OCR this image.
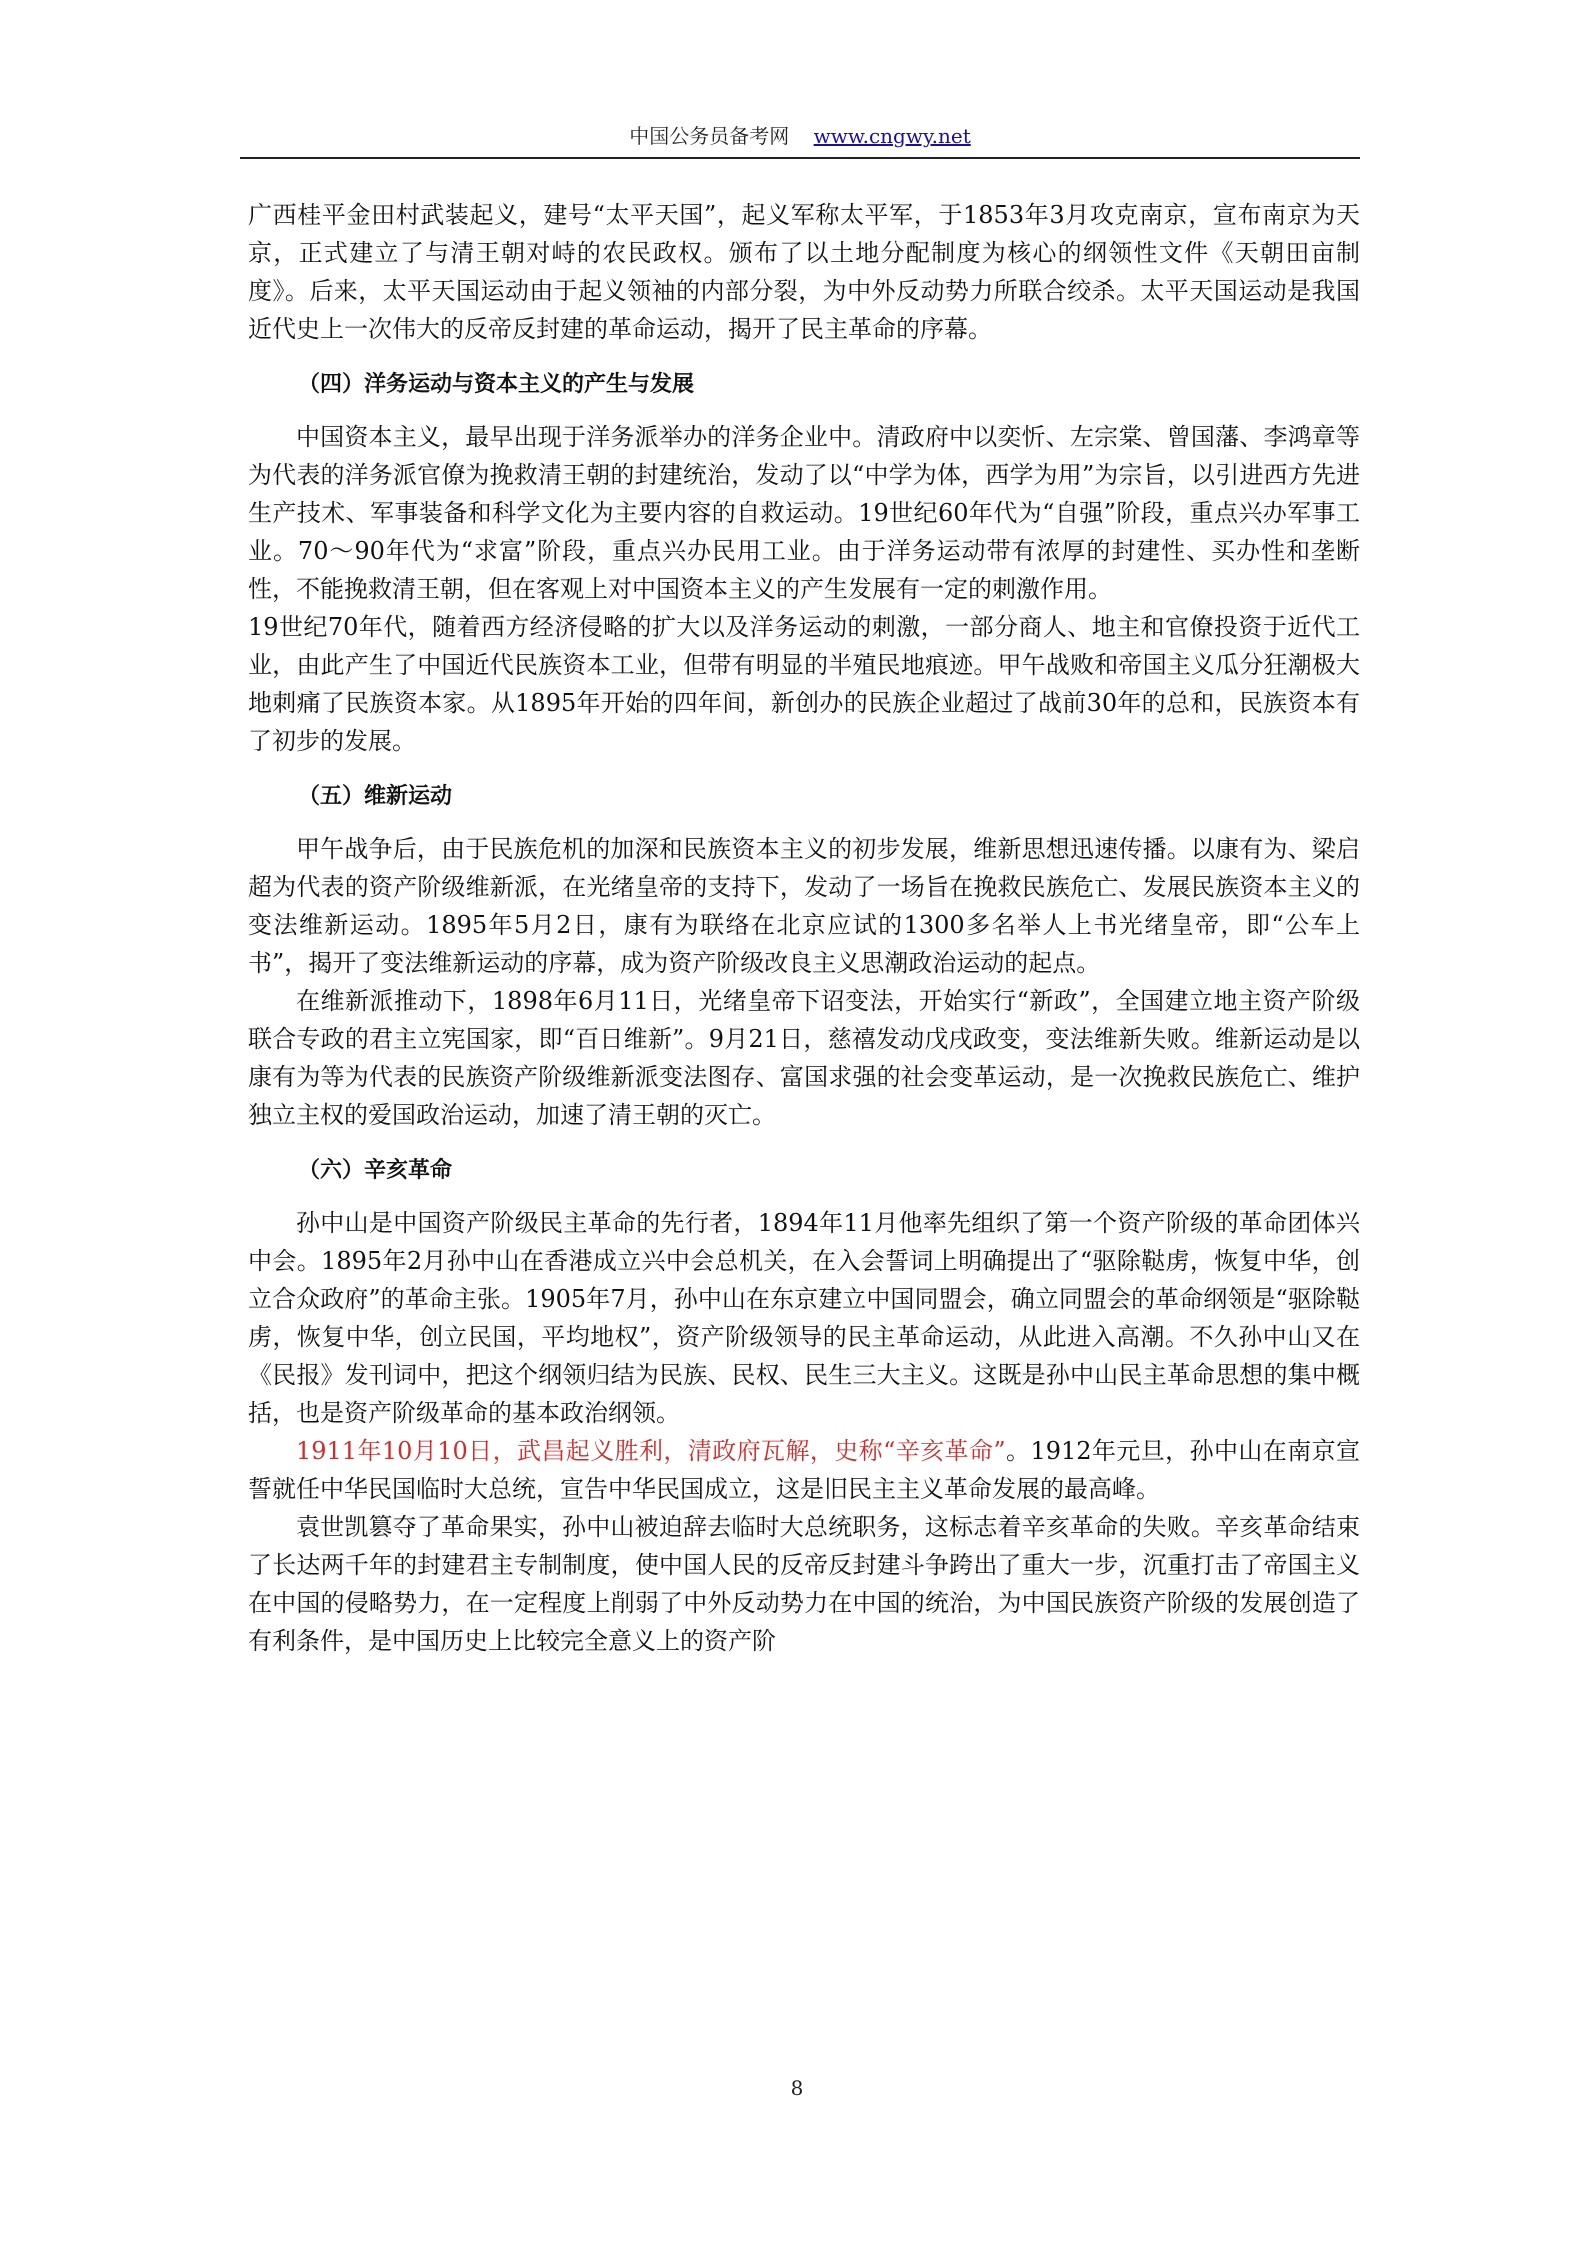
中国公务员备考网 www.cngwy.net

广西桂平金田村武装起义，建号“太平天国”，起义军称太平军，于1853年3月攻克南京，宣布南京为天京，正式建立了与清王朝对峙的农民政权。颁布了以土地分配制度为核心的纲领性文件《天朝田亩制度》。后来，太平天国运动由于起义领袖的内部分裂，为中外反动势力所联合绞杀。太平天国运动是我国近代史上一次伟大的反帝反封建的革命运动，揭开了民主革命的序幕。

（四）洋务运动与资本主义的产生与发展

中国资本主义，最早出现于洋务派举办的洋务企业中。清政府中以奕忻、左宗棠、曾国藩、李鸿章等为代表的洋务派官僚为挽救清王朝的封建统治，发动了以“中学为体，西学为用”为宗旨，以引进西方先进生产技术、军事装备和科学文化为主要内容的自救运动。19世纪60年代为“自强”阶段，重点兴办军事工业。70～90年代为“求富”阶段，重点兴办民用工业。由于洋务运动带有浓厚的封建性、买办性和垄断性，不能挽救清王朝，但在客观上对中国资本主义的产生发展有一定的刺激作用。

19世纪70年代，随着西方经济侵略的扩大以及洋务运动的刺激，一部分商人、地主和官僚投资于近代工业，由此产生了中国近代民族资本工业，但带有明显的半殖民地痕迹。甲午战败和帝国主义瓜分狂潮极大地刺痛了民族资本家。从1895年开始的四年间，新创办的民族企业超过了战前30年的总和，民族资本有了初步的发展。

（五）维新运动

甲午战争后，由于民族危机的加深和民族资本主义的初步发展，维新思想迅速传播。以康有为、梁启超为代表的资产阶级维新派，在光绪皇帝的支持下，发动了一场旨在挽救民族危亡、发展民族资本主义的变法维新运动。1895年5月2日，康有为联络在北京应试的1300多名举人上书光绪皇帝，即“公车上书”，揭开了变法维新运动的序幕，成为资产阶级改良主义思潮政治运动的起点。

在维新派推动下，1898年6月11日，光绪皇帝下诏变法，开始实行“新政”，全国建立地主资产阶级联合专政的君主立宪国家，即“百日维新”。9月21日，慈禧发动戊戌政变，变法维新失败。维新运动是以康有为等为代表的民族资产阶级维新派变法图存、富国求强的社会变革运动，是一次挽救民族危亡、维护独立主权的爱国政治运动，加速了清王朝的灭亡。

（六）辛亥革命

孙中山是中国资产阶级民主革命的先行者，1894年11月他率先组织了第一个资产阶级的革命团体兴中会。1895年2月孙中山在香港成立兴中会总机关，在入会誓词上明确提出了“驱除鞑虏，恢复中华，创立合众政府”的革命主张。1905年7月，孙中山在东京建立中国同盟会，确立同盟会的革命纲领是“驱除鞑虏，恢复中华，创立民国，平均地权”，资产阶级领导的民主革命运动，从此进入高潮。不久孙中山又在《民报》发刊词中，把这个纲领归结为民族、民权、民生三大主义。这既是孙中山民主革命思想的集中概括，也是资产阶级革命的基本政治纲领。

1911年10月10日，武昌起义胜利，清政府瓦解，史称“辛亥革命”。1912年元旦，孙中山在南京宣誓就任中华民国临时大总统，宣告中华民国成立，这是旧民主主义革命发展的最高峰。

袁世凯篡夺了革命果实，孙中山被迫辞去临时大总统职务，这标志着辛亥革命的失败。辛亥革命结束了长达两千年的封建君主专制制度，使中国人民的反帝反封建斗争跨出了重大一步，沉重打击了帝国主义在中国的侵略势力，在一定程度上削弱了中外反动势力在中国的统治，为中国民族资产阶级的发展创造了有利条件，是中国历史上比较完全意义上的资产阶

8
